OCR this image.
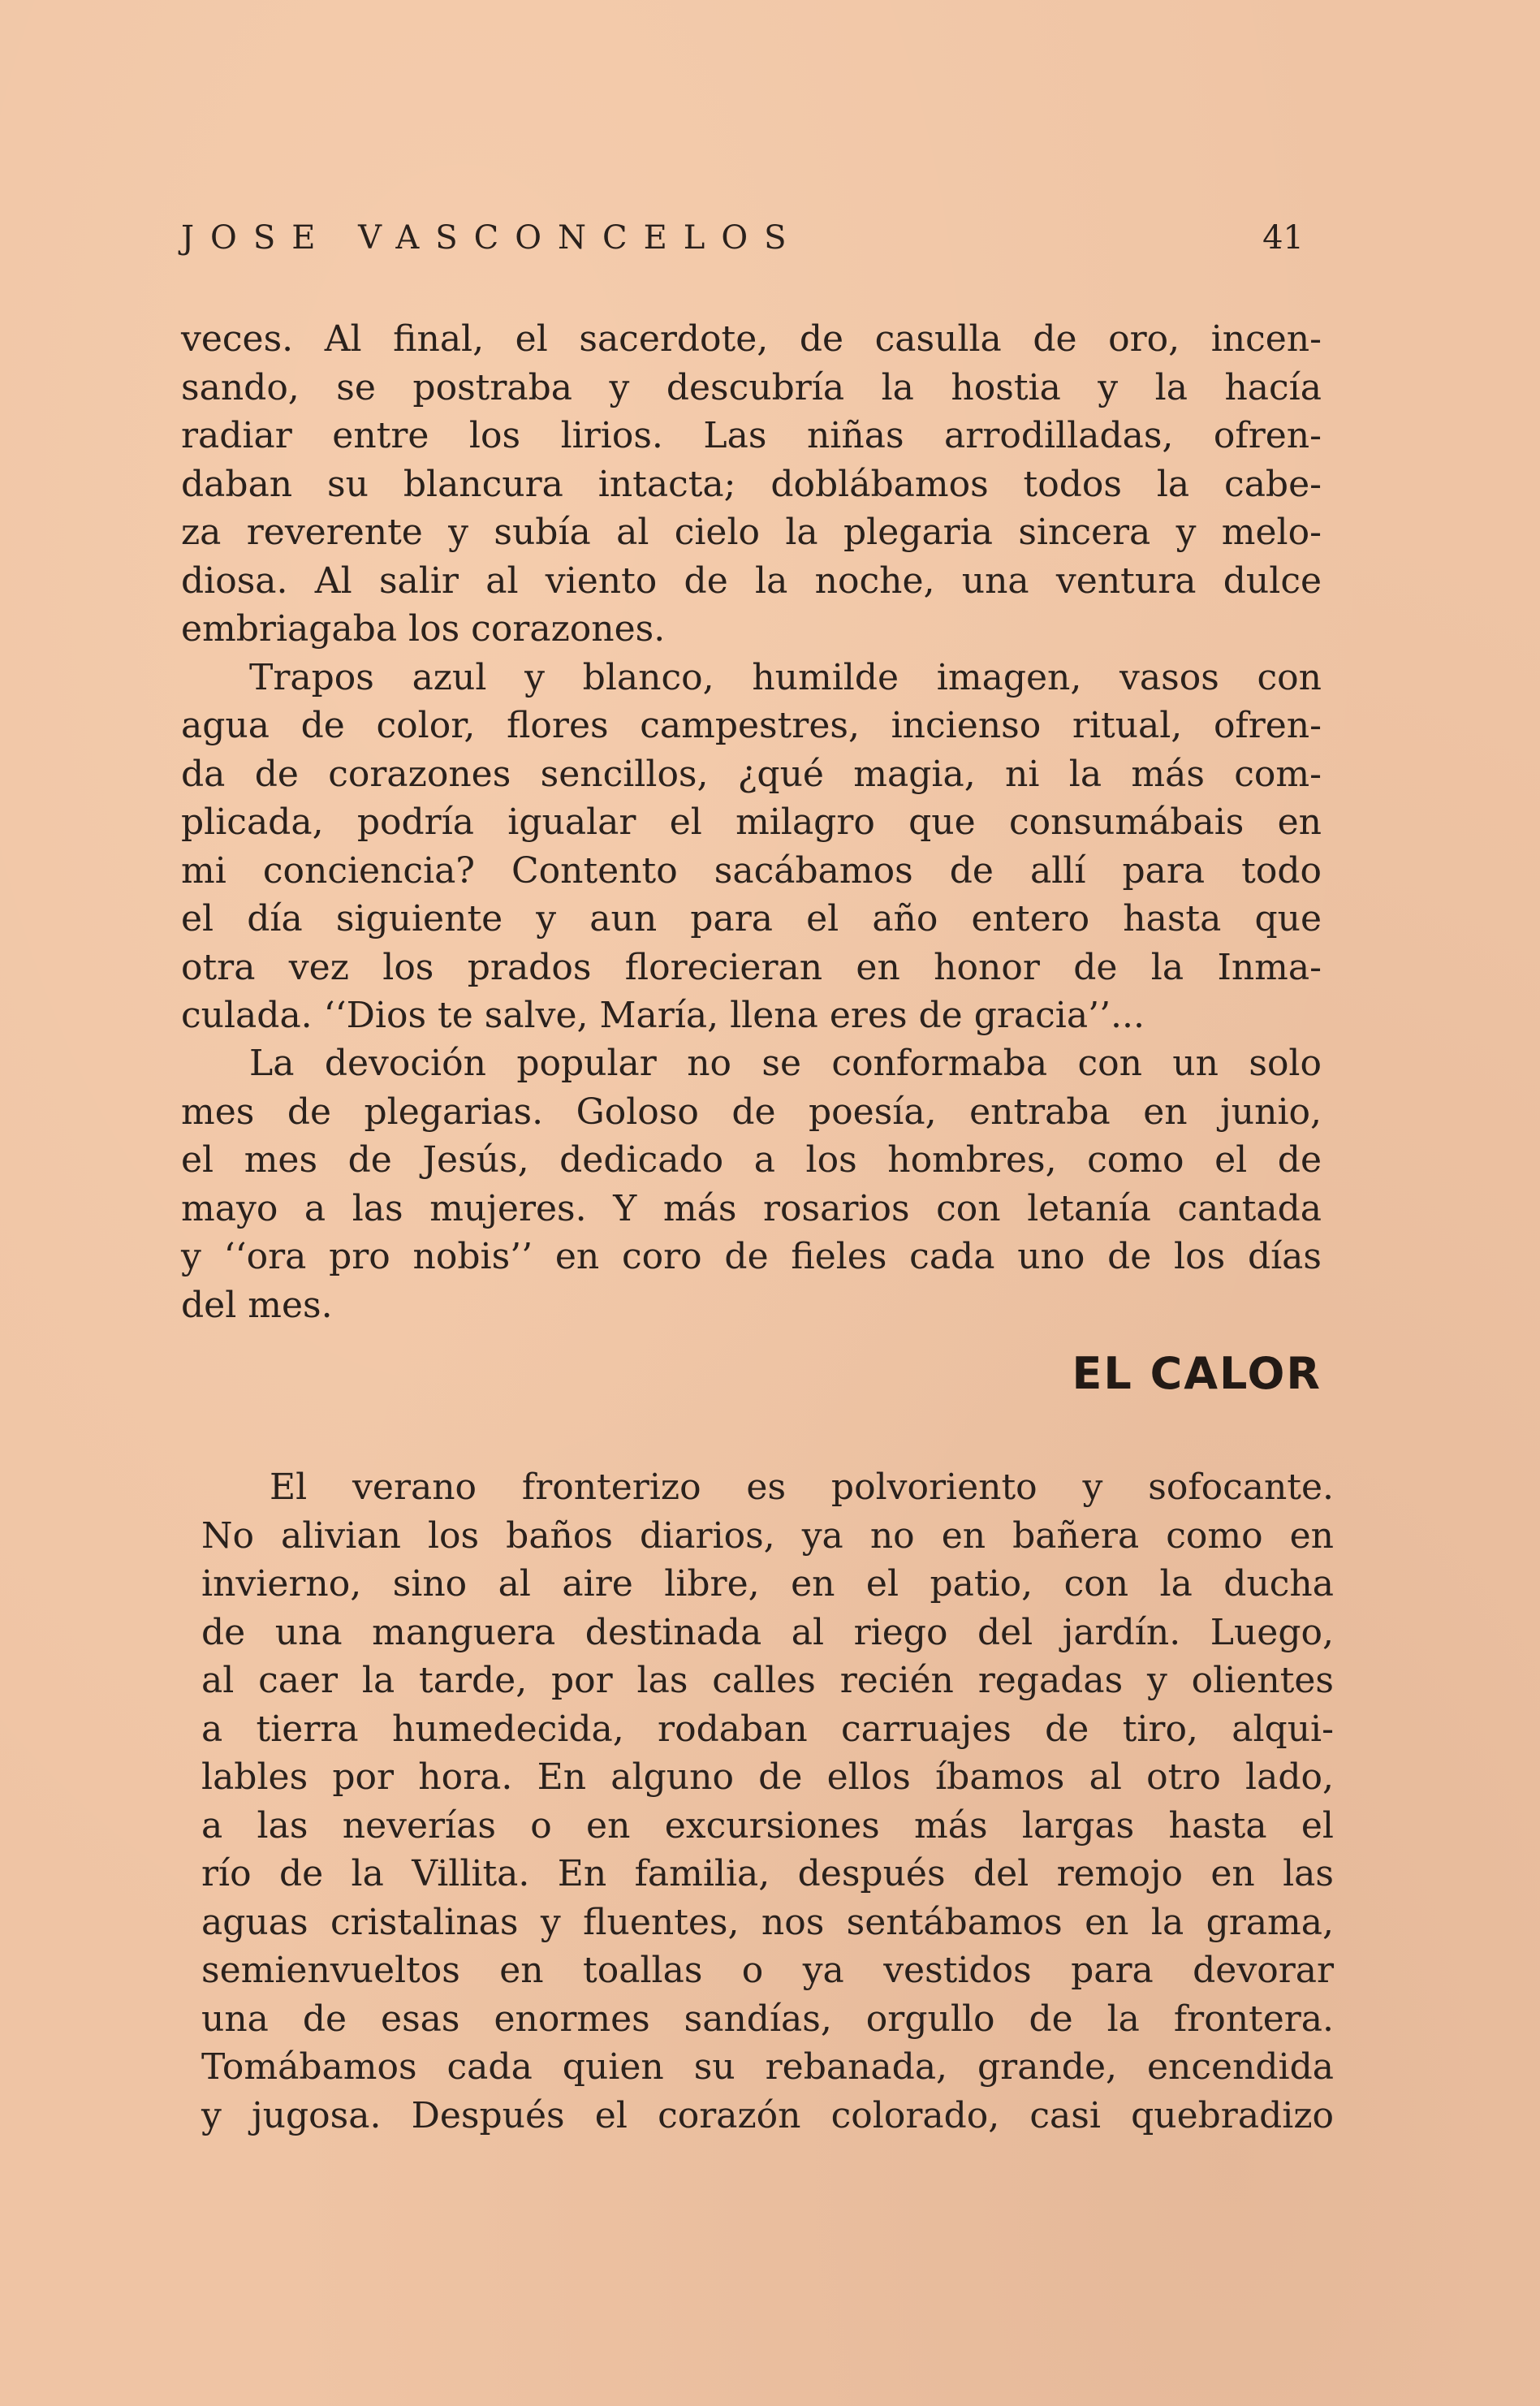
JOSE VASCONCELOS	41
veces. Al final, el sacerdote, de casulla de oro, incen-
sando, se postraba y descubría la hostia y la hacía
radiar entre los lirios. Las niñas arrodilladas, ofren-
daban su blancura intacta; doblábamos todos la cabe-
za reverente y subía al cielo la plegaria sincera y melo-
diosa. Al salir al viento de la noche, una ventura dulce
embriagaba los corazones.
Trapos azul y blanco, humilde imagen, vasos con
agua de color, flores campestres, incienso ritual, ofren-
da de corazones sencillos, ¿qué magia, ni la más com-
plicada, podría igualar el milagro que consumábais en
mi conciencia? Contento sacábamos de allí para todo
el día siguiente y aun para el año entero hasta que
otra vez los prados florecieran en honor de la Inma-
culada. ‘‘Dios te salve, María, llena eres de gracia’’...
La devoción popular no se conformaba con un solo
mes de plegarias. Goloso de poesía, entraba en junio,
el mes de Jesús, dedicado a los hombres, como el de
mayo a las mujeres. Y más rosarios con letanía cantada
y ‘‘ora pro nobis’’ en coro de fieles cada uno de los días
del mes.
EL CALOR
El verano fronterizo es polvoriento y sofocante.
No alivian los baños diarios, ya no en bañera como en
invierno, sino al aire libre, en el patio, con la ducha
de una manguera destinada al riego del jardín. Luego,
al caer la tarde, por las calles recién regadas y olientes
a tierra humedecida, rodaban carruajes de tiro, alqui-
lables por hora. En alguno de ellos íbamos al otro lado,
a las neverías o en excursiones más largas hasta el
río de la Villita. En familia, después del remojo en las
aguas cristalinas y fluentes, nos sentábamos en la grama,
semienvueltos en toallas o ya vestidos para devorar
una de esas enormes sandías, orgullo de la frontera.
Tomábamos cada quien su rebanada, grande, encendida
y jugosa. Después el corazón colorado, casi quebradizo
